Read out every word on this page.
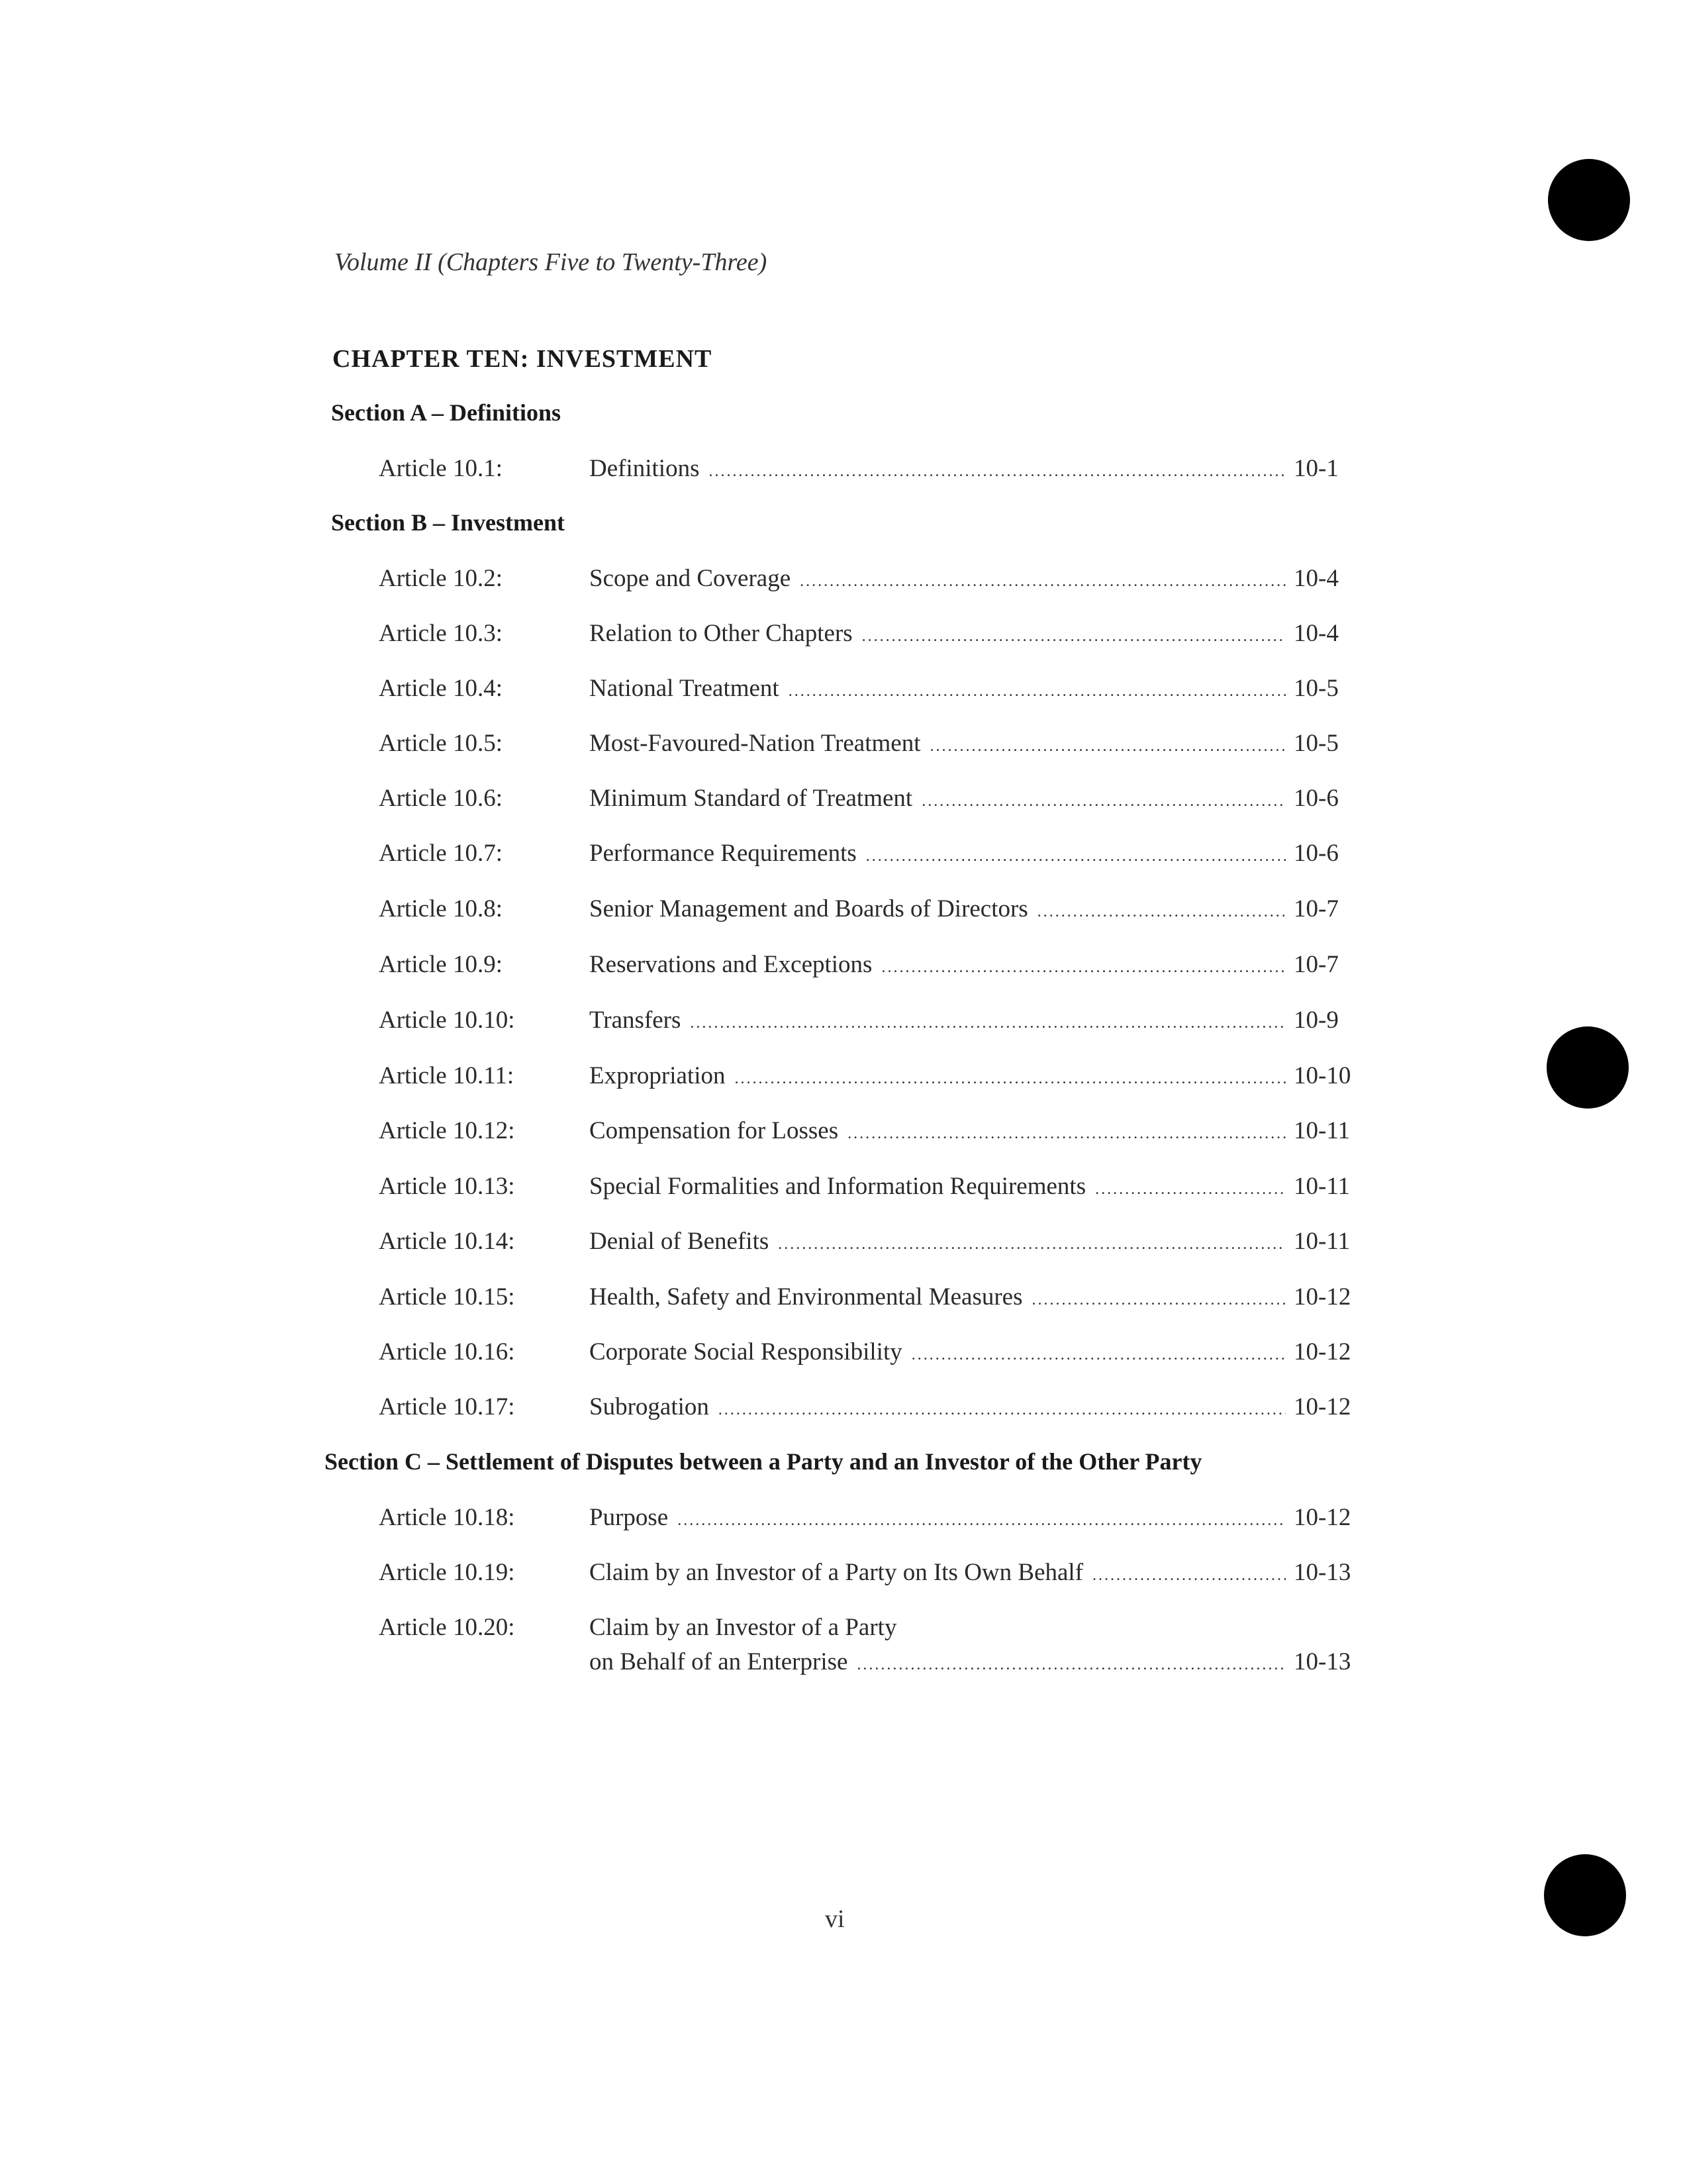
Volume II (Chapters Five to Twenty-Three)
CHAPTER TEN: INVESTMENT
Section A – Definitions
Article 10.1:	Definitions .....	10-1
Section B – Investment
Article 10.2:	Scope and Coverage .....	10-4
Article 10.3:	Relation to Other Chapters .....	10-4
Article 10.4:	National Treatment .....	10-5
Article 10.5:	Most-Favoured-Nation Treatment .....	10-5
Article 10.6:	Minimum Standard of Treatment .....	10-6
Article 10.7:	Performance Requirements .....	10-6
Article 10.8:	Senior Management and Boards of Directors .....	10-7
Article 10.9:	Reservations and Exceptions .....	10-7
Article 10.10:	Transfers .....	10-9
Article 10.11:	Expropriation .....	10-10
Article 10.12:	Compensation for Losses .....	10-11
Article 10.13:	Special Formalities and Information Requirements .....	10-11
Article 10.14:	Denial of Benefits .....	10-11
Article 10.15:	Health, Safety and Environmental Measures .....	10-12
Article 10.16:	Corporate Social Responsibility .....	10-12
Article 10.17:	Subrogation .....	10-12
Section C – Settlement of Disputes between a Party and an Investor of the Other Party
Article 10.18:	Purpose .....	10-12
Article 10.19:	Claim by an Investor of a Party on Its Own Behalf .....	10-13
Article 10.20:	Claim by an Investor of a Party
on Behalf of an Enterprise .....	10-13
vi
